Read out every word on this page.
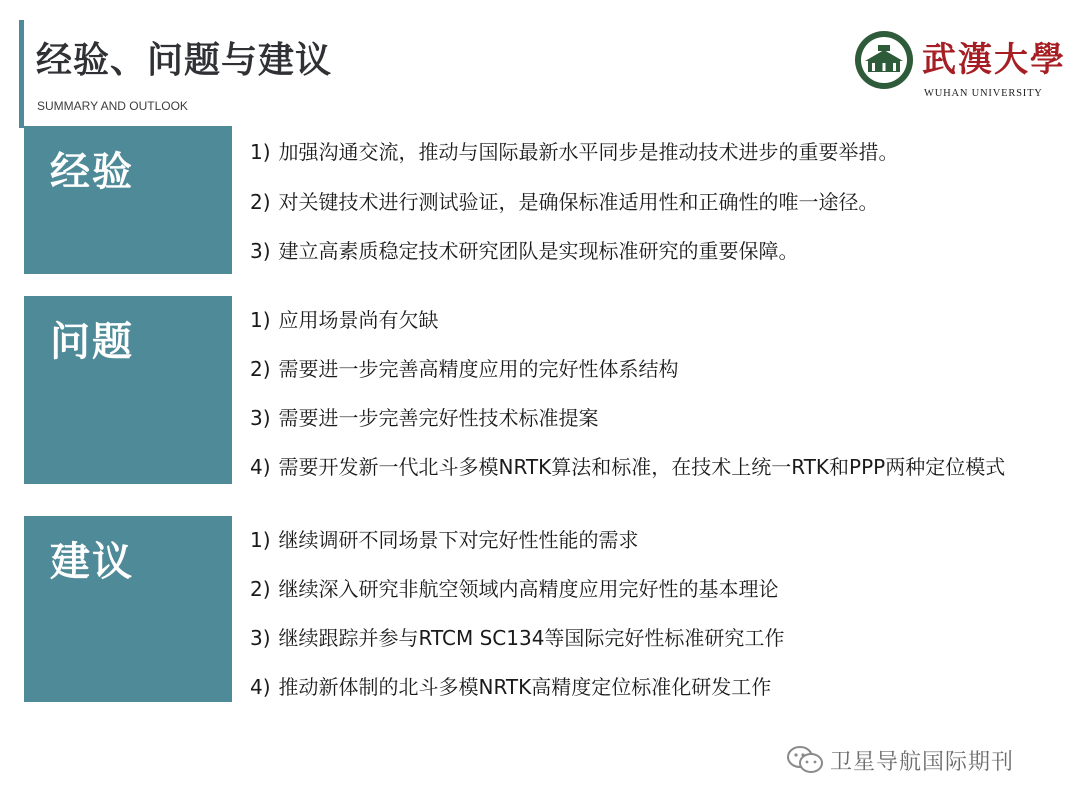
经验、问题与建议
SUMMARY AND OUTLOOK
武漢大學
WUHAN UNIVERSITY
经验	1) 加强沟通交流，推动与国际最新水平同步是推动技术进步的重要举措。
2) 对关键技术进行测试验证，是确保标准适用性和正确性的唯一途径。
3) 建立高素质稳定技术研究团队是实现标准研究的重要保障。
问题	1) 应用场景尚有欠缺
2) 需要进一步完善高精度应用的完好性体系结构
3) 需要进一步完善完好性技术标准提案
4) 需要开发新一代北斗多模NRTK算法和标准，在技术上统一RTK和PPP两种定位模式
建议	1) 继续调研不同场景下对完好性性能的需求
2) 继续深入研究非航空领域内高精度应用完好性的基本理论
3) 继续跟踪并参与RTCM SC134等国际完好性标准研究工作
4) 推动新体制的北斗多模NRTK高精度定位标准化研发工作
卫星导航国际期刊
